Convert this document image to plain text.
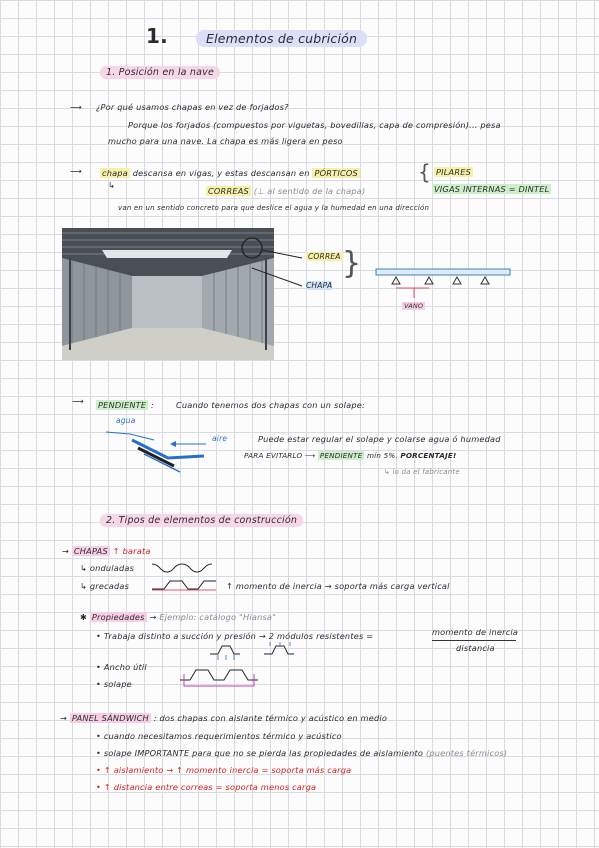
1.	Elementos de cubrición
1. Posición en la nave
⟶ ¿Por qué usamos chapas en vez de forjados?
Porque los forjados (compuestos por viguetas, bovedillas, capa de compresión)... pesa
mucho para una nave. La chapa es más ligera en peso
⟶ chapa descansa en vigas, y estas descansan en PÓRTICOS	{ PILARES
VIGAS INTERNAS = DINTEL
CORREAS (⊥ al sentido de la chapa)
↳
van en un sentido concreto para que deslice el agua y la humedad en una dirección
CORREA
CHAPA
}
VANO
⟶ PENDIENTE :	Cuando tenemos dos chapas con un solape:
agua
aire	Puede estar regular el solape y colarse agua ó humedad
PARA EVITARLO ⟶ PENDIENTE mín 5%. PORCENTAJE!
↳ lo da el fabricante
2. Tipos de elementos de construcción
→ CHAPAS ↑ barata
↳ onduladas
↳ grecadas	↑ momento de inercia → soporta más carga vertical
✱ Propiedades → Ejemplo: catálogo "Hiansa"
• Trabaja distinto a succión y presión → 2 módulos resistentes =	momento de inercia
distancia
• Ancho útil
• solape
→ PANEL SÁNDWICH : dos chapas con aislante térmico y acústico en medio
• cuando necesitamos requerimientos térmico y acústico
• solape IMPORTANTE para que no se pierda las propiedades de aislamiento (puentes térmicos)
• ↑ aislamiento → ↑ momento inercia = soporta más carga
• ↑ distancia entre correas = soporta menos carga
